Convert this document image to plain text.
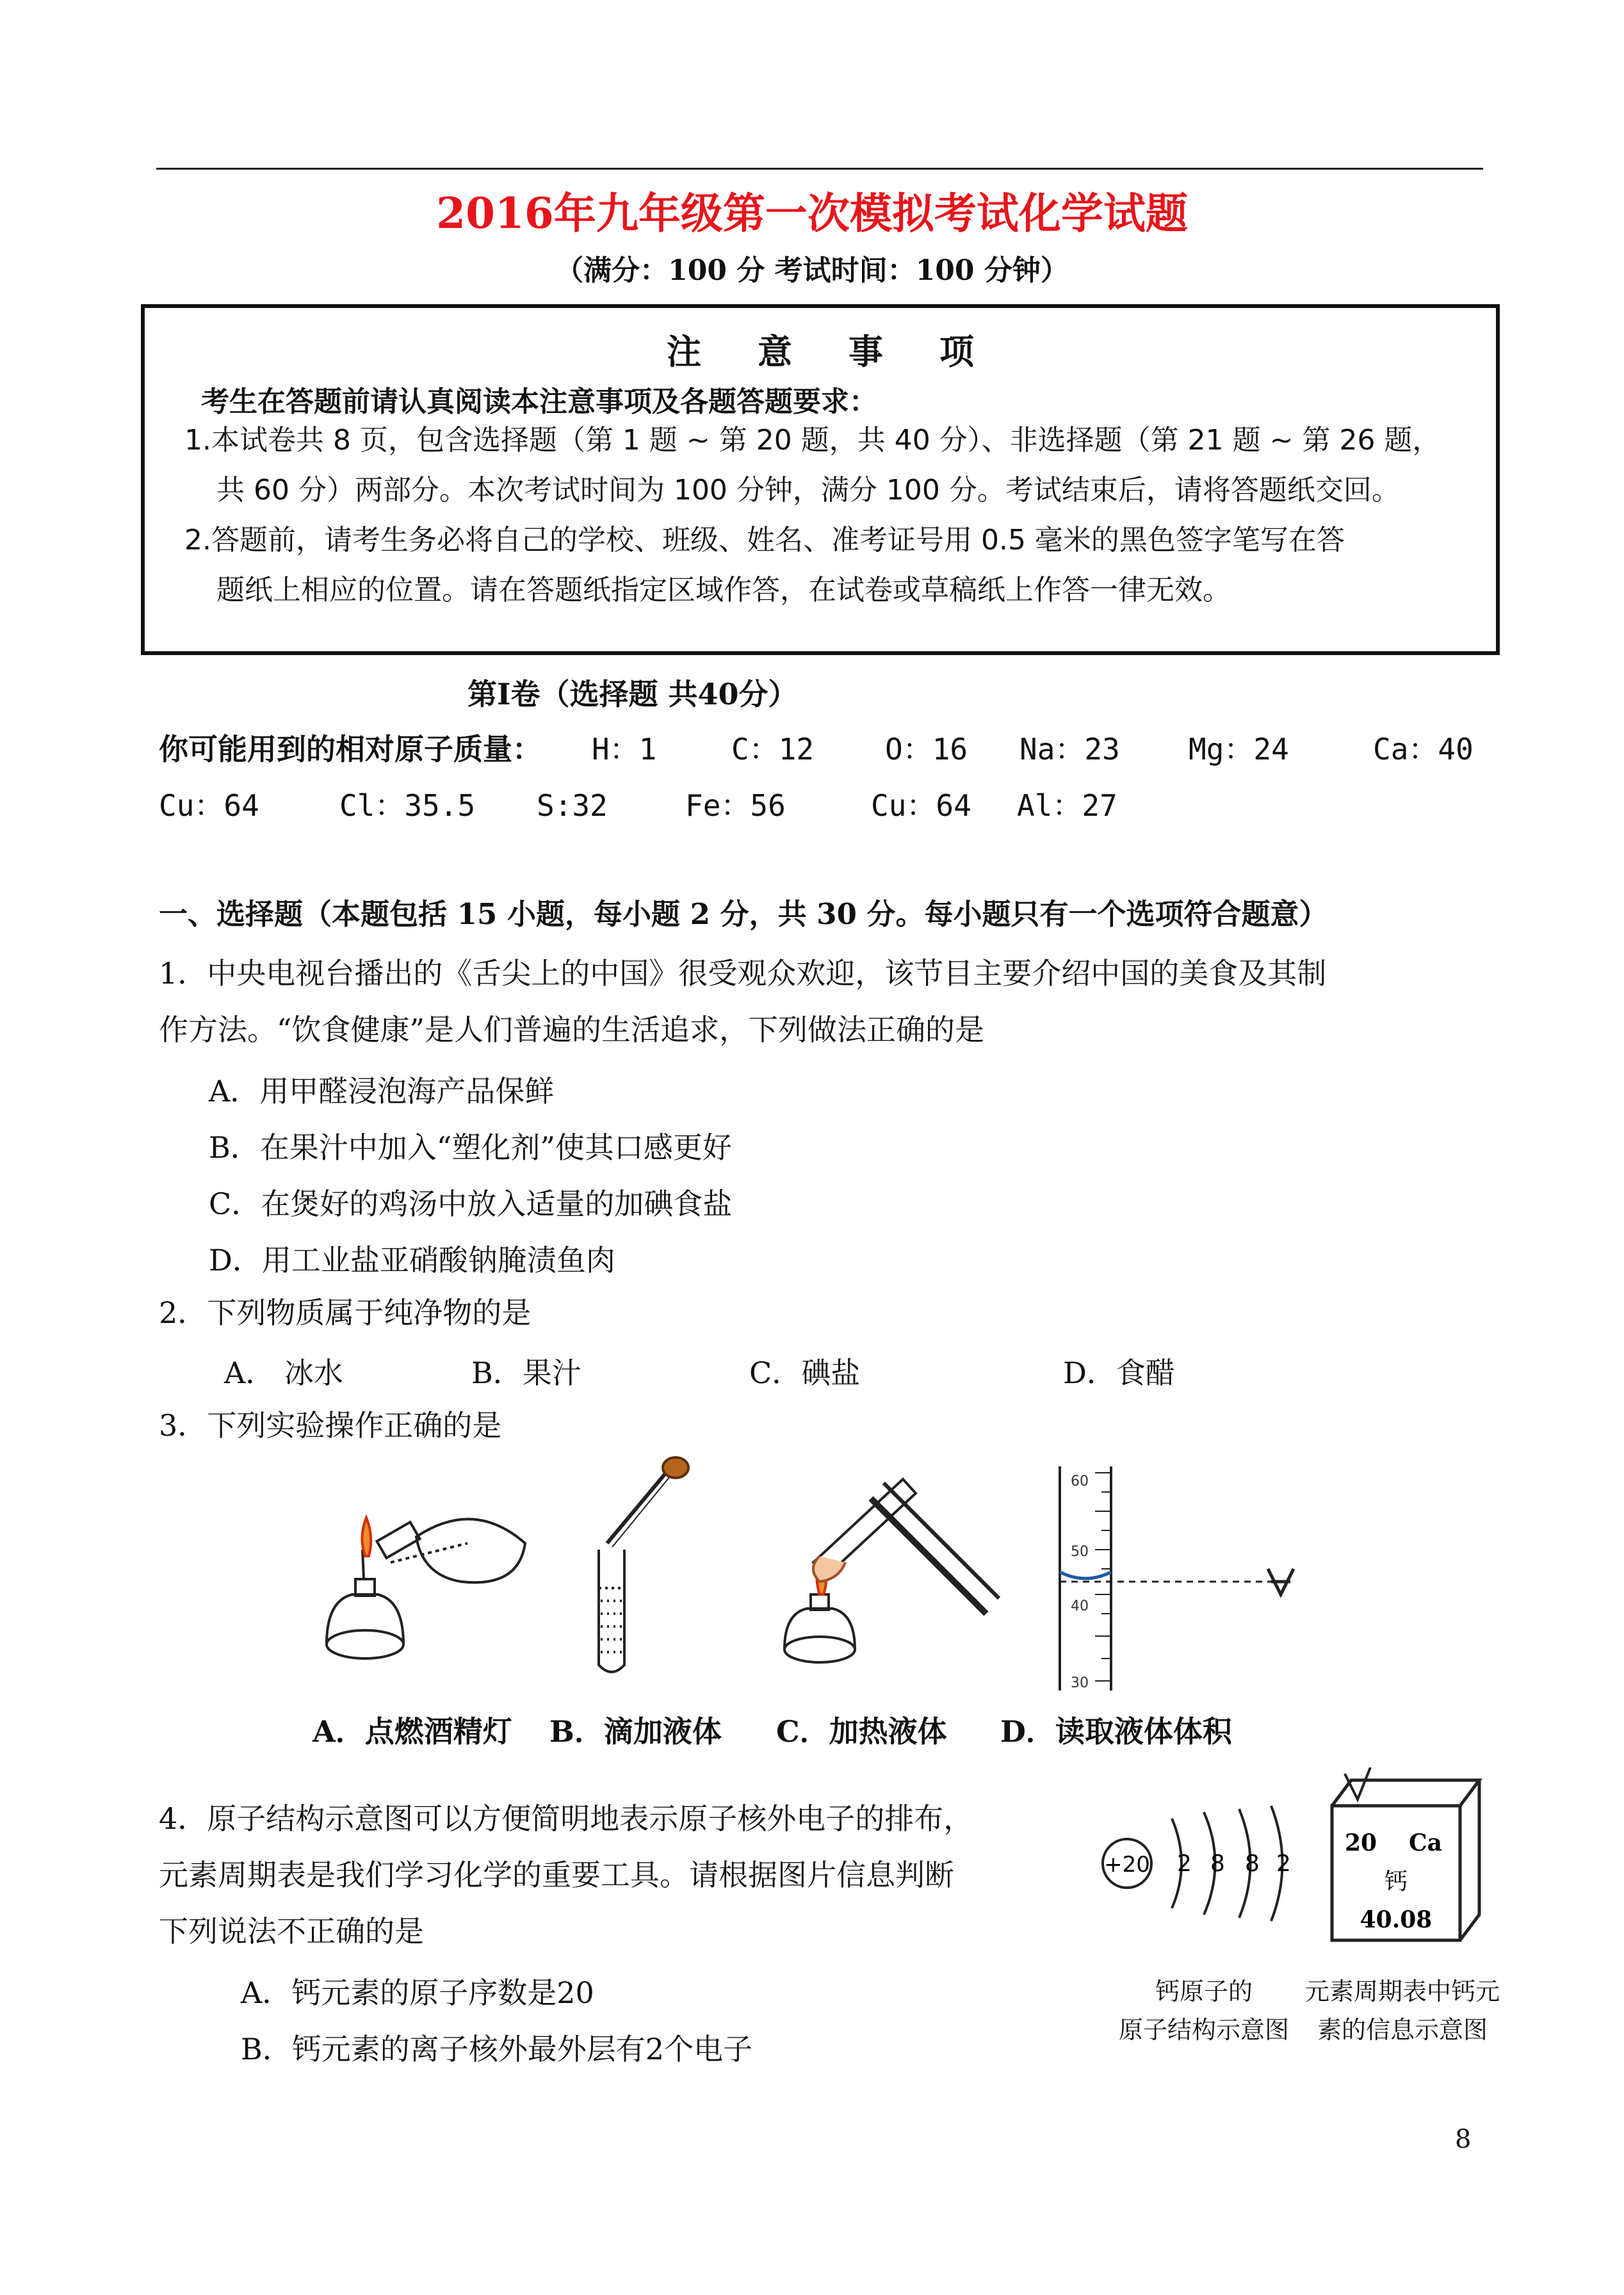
2016年九年级第一次模拟考试化学试题
（满分：100 分 考试时间：100 分钟）
注 意 事 项
考生在答题前请认真阅读本注意事项及各题答题要求：
1.本试卷共 8 页，包含选择题（第 1 题 ~ 第 20 题，共 40 分）、非选择题（第 21 题 ~ 第 26 题，
共 60 分）两部分。本次考试时间为 100 分钟，满分 100 分。考试结束后，请将答题纸交回。
2.答题前，请考生务必将自己的学校、班级、姓名、准考证号用 0.5 毫米的黑色签字笔写在答
题纸上相应的位置。请在答题纸指定区域作答，在试卷或草稿纸上作答一律无效。
第Ⅰ卷（选择题 共40分）
你可能用到的相对原子质量： H：1	C：12 O：16 Na：23 Mg：24	Ca：40
Cu：64	Cl：35.5 S:32	Fe：56	Cu：64 Al：27
一、选择题（本题包括 15 小题，每小题 2 分，共 30 分。每小题只有一个选项符合题意）
1．中央电视台播出的《舌尖上的中国》很受观众欢迎，该节目主要介绍中国的美食及其制
作方法。“饮食健康”是人们普遍的生活追求，下列做法正确的是
A．用甲醛浸泡海产品保鲜
B．在果汁中加入“塑化剂”使其口感更好
C．在煲好的鸡汤中放入适量的加碘食盐
D．用工业盐亚硝酸钠腌渍鱼肉
2．下列物质属于纯净物的是
A． 冰水	B．果汁	C．碘盐	D．食醋
3．下列实验操作正确的是
60
50
40
30
A．点燃酒精灯 B．滴加液体 C．加热液体 D．读取液体体积
4．原子结构示意图可以方便简明地表示原子核外电子的排布，
元素周期表是我们学习化学的重要工具。请根据图片信息判断
下列说法不正确的是
A．钙元素的原子序数是20
B．钙元素的离子核外最外层有2个电子
+20 2 8 8 2
20 Ca
钙
40.08
钙原子的
原子结构示意图
元素周期表中钙元
素的信息示意图
8
